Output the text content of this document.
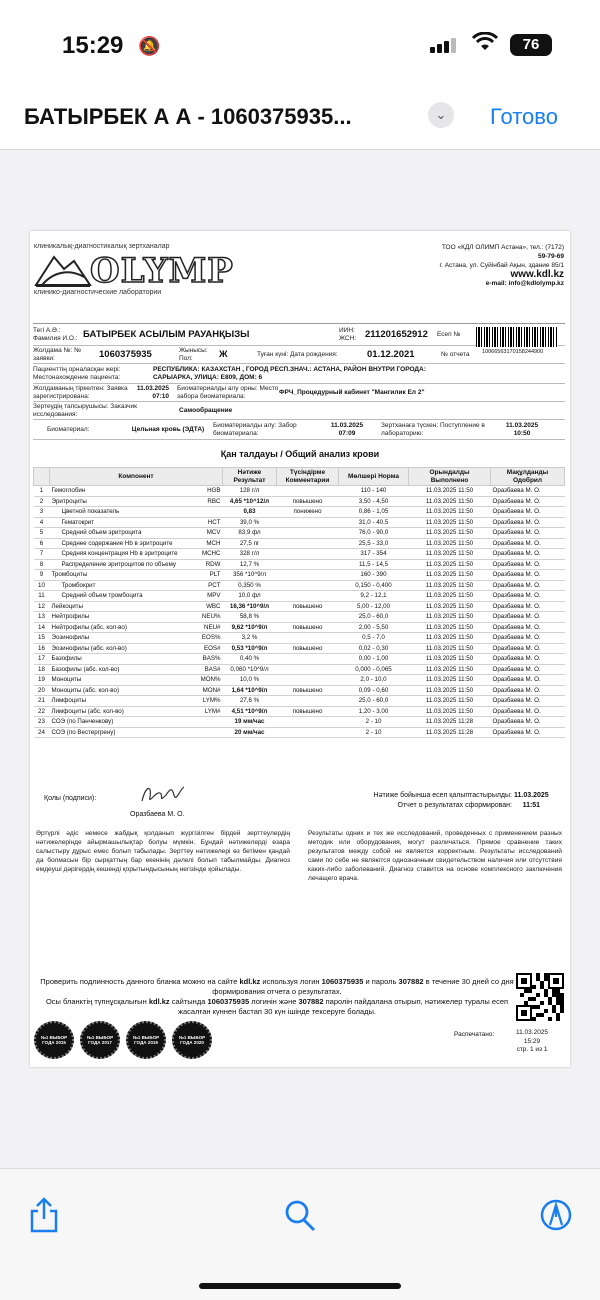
15:29 🔕	76
БАТЫРБЕК А А - 1060375935...	⌄	Готово
клиникалық-диагностикалық зертханалар
OLYMP
клинико-диагностические лаборатории
ТОО «КДЛ ОЛИМП Астана», тел.: (7172)
59-79-69
г. Астана, ул. Суйінбай Ақын, здание 85/1
www.kdl.kz
e-mail: info@kdlolymp.kz
Тегі А.Ә.: Фамилия И.О.: БАТЫРБЕК АСЫЛЫМ РАУАНҚЫЗЫ	ИИН: ЖСН: 211201652912	Есеп №
Жолдама №: № заявки:	1060375935	Жынысы: Пол:	Ж	Туған күні: Дата рождения:	01.12.2021	№ отчета
Пациенттің орналасқан жері: Местонахождение пациента:
РЕСПУБЛИКА: КАЗАХСТАН , ГОРОД РЕСП.ЗНАЧ.: АСТАНА, РАЙОН ВНУТРИ ГОРОДА: САРЫАРКА, УЛИЦА: Е809, ДОМ: 6
Жолдаманың тіркелген: Заявка зарегистрирована:
11.03.2025
07:10
Биоматериалды алу орны: Место забора биоматериала:
ФРЧ_Процедурный кабинет "Мангилик Ел 2"
Зертеудің тапсырушысы: Заказчик исследования:
Самообращение
Биоматериал:	Цельная кровь (ЭДТА)
Биоматериалды алу: Забор биоматериала:
11.03.2025
07:09
Зертханаға түскен: Поступление в лабораторию:
11.03.2025
10:50
10066563170158244900
Қан талдауы / Общий анализ крови
	Компонент		Нәтиже Результат	Түсіндірме Комментарии	Мөлшері Норма	Орындалды Выполнено	Мақұлданды Одобрил
1	Гемоглобин	HGB	128 г/л		110 - 140	11.03.2025 11:50	Оразбаева М. О.
2	Эритроциты	RBC	4,65 *10^12/л	повышено	3,50 - 4,50	11.03.2025 11:50	Оразбаева М. О.
3	Цветной показатель		0,83	понижено	0,86 - 1,05	11.03.2025 11:50	Оразбаева М. О.
4	Гематокрит	HCT	39,0 %		31,0 - 40,5	11.03.2025 11:50	Оразбаева М. О.
5	Средний объем эритроцита	MCV	83,9 фл		76,0 - 90,0	11.03.2025 11:50	Оразбаева М. О.
6	Среднее содержание Hb в эритроците	MCH	27,5 пг		25,5 - 33,0	11.03.2025 11:50	Оразбаева М. О.
7	Средняя концентрация Hb в эритроците	MCHC	328 г/л		317 - 354	11.03.2025 11:50	Оразбаева М. О.
8	Распределение эритроцитов по объему	RDW	12,7 %		11,5 - 14,5	11.03.2025 11:50	Оразбаева М. О.
9	Тромбоциты	PLT	356 *10^9/л		160 - 390	11.03.2025 11:50	Оразбаева М. О.
10	Тромбокрит	PCT	0,350 %		0,150 - 0,400	11.03.2025 11:50	Оразбаева М. О.
11	Средний объем тромбоцита	MPV	10,0 фл		9,2 - 12,1	11.03.2025 11:50	Оразбаева М. О.
12	Лейкоциты	WBC	16,36 *10^9/л	повышено	5,00 - 12,00	11.03.2025 11:50	Оразбаева М. О.
13	Нейтрофилы	NEU%	58,8 %		25,0 - 60,0	11.03.2025 11:50	Оразбаева М. О.
14	Нейтрофилы (абс. кол-во)	NEU#	9,62 *10^9/л	повышено	2,00 - 5,50	11.03.2025 11:50	Оразбаева М. О.
15	Эозинофилы	EOS%	3,2 %		0,5 - 7,0	11.03.2025 11:50	Оразбаева М. О.
16	Эозинофилы (абс. кол-во)	EOS#	0,53 *10^9/л	повышено	0,02 - 0,30	11.03.2025 11:50	Оразбаева М. О.
17	Базофилы	BAS%	0,40 %		0,00 - 1,00	11.03.2025 11:50	Оразбаева М. О.
18	Базофилы (абс. кол-во)	BAS#	0,060 *10^9/л		0,000 - 0,065	11.03.2025 11:50	Оразбаева М. О.
19	Моноциты	MON%	10,0 %		2,0 - 10,0	11.03.2025 11:50	Оразбаева М. О.
20	Моноциты (абс. кол-во)	MON#	1,64 *10^9/л	повышено	0,09 - 0,60	11.03.2025 11:50	Оразбаева М. О.
21	Лимфоциты	LYM%	27,6 %		25,0 - 60,0	11.03.2025 11:50	Оразбаева М. О.
22	Лимфоциты (абс. кол-во)	LYM#	4,51 *10^9/л	повышено	1,20 - 3,00	11.03.2025 11:50	Оразбаева М. О.
23	СОЭ (по Панченкову)		19 мм/час		2 - 10	11.03.2025 11:28	Оразбаева М. О.
24	СОЭ (по Вестергрену)		20 мм/час		2 - 10	11.03.2025 11:28	Оразбаева М. О.
Қолы (подписи):
Оразбаева М. О.
Нәтиже бойынша есеп қалыптастырылды:
Отчет о результатах сформирован:
11.03.2025
11:51
Әртүрлі әдіс немесе жабдық қолданып жүргізілген бірдей зерттеулердің нәтижелерінде айырмашылықтар болуы мүмкін. Бұндай нәтижелерді өзара салыстыру дұрыс емес болып табылады. Зерттеу нәтижелері өз бетімен қандай да болмасын бір сырқаттың бар екенінің дәлелі болып табылмайды. Диагноз емдеуші дәрігердің кешенді қорытындысының негізінде қойылады.
Результаты одних и тех же исследований, проведенных с применением разных методик или оборудования, могут различаться. Прямое сравнение таких результатов между собой не является корректным. Результаты исследований сами по себе не являются однозначным свидетельством наличия или отсутствия каких-либо заболеваний. Диагноз ставится на основе комплексного заключения лечащего врача.
Проверить подлинность данного бланка можно на сайте kdl.kz используя логин 1060375935 и пароль 307882 в течение 30 дней со дня формирования отчета о результатах.
Осы бланктің түпнұсқалығын kdl.kz сайтында 1060375935 логинін және 307882 паролін пайдалана отырып, нәтижелер туралы есеп жасалған күннен бастап 30 күн ішінде тексеруге болады.
№1 ВЫБОР ГОДА 2015
№1 ВЫБОР ГОДА 2017
№1 ВЫБОР ГОДА 2019
№1 ВЫБОР ГОДА 2020
Распечатано:	11.03.2025
15:29
стр. 1 из 1
